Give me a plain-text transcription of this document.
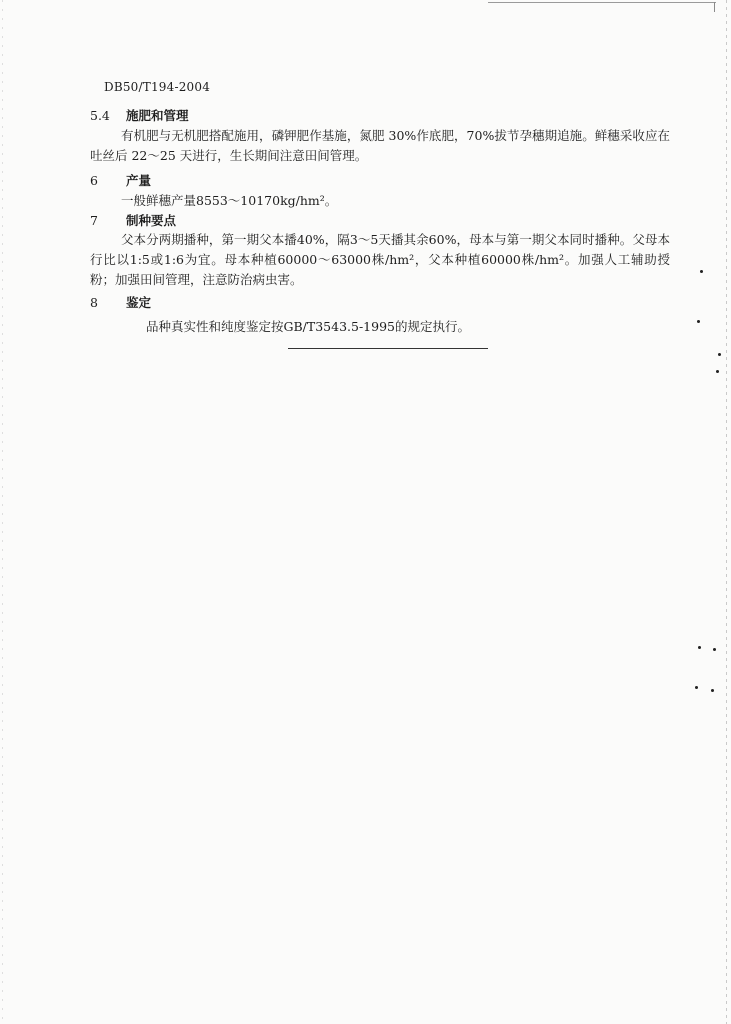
DB50/T194-2004
5.4 施肥和管理
有机肥与无机肥搭配施用，磷钾肥作基施，氮肥 30%作底肥，70%拔节孕穗期追施。鲜穗采收应在吐丝后 22～25 天进行，生长期间注意田间管理。
6 产量
一般鲜穗产量8553～10170kg/hm²。
7 制种要点
父本分两期播种，第一期父本播40%，隔3～5天播其余60%，母本与第一期父本同时播种。父母本行比以1:5或1:6为宜。母本种植60000～63000株/hm²，父本种植60000株/hm²。加强人工辅助授粉；加强田间管理，注意防治病虫害。
8 鉴定
品种真实性和纯度鉴定按GB/T3543.5-1995的规定执行。
